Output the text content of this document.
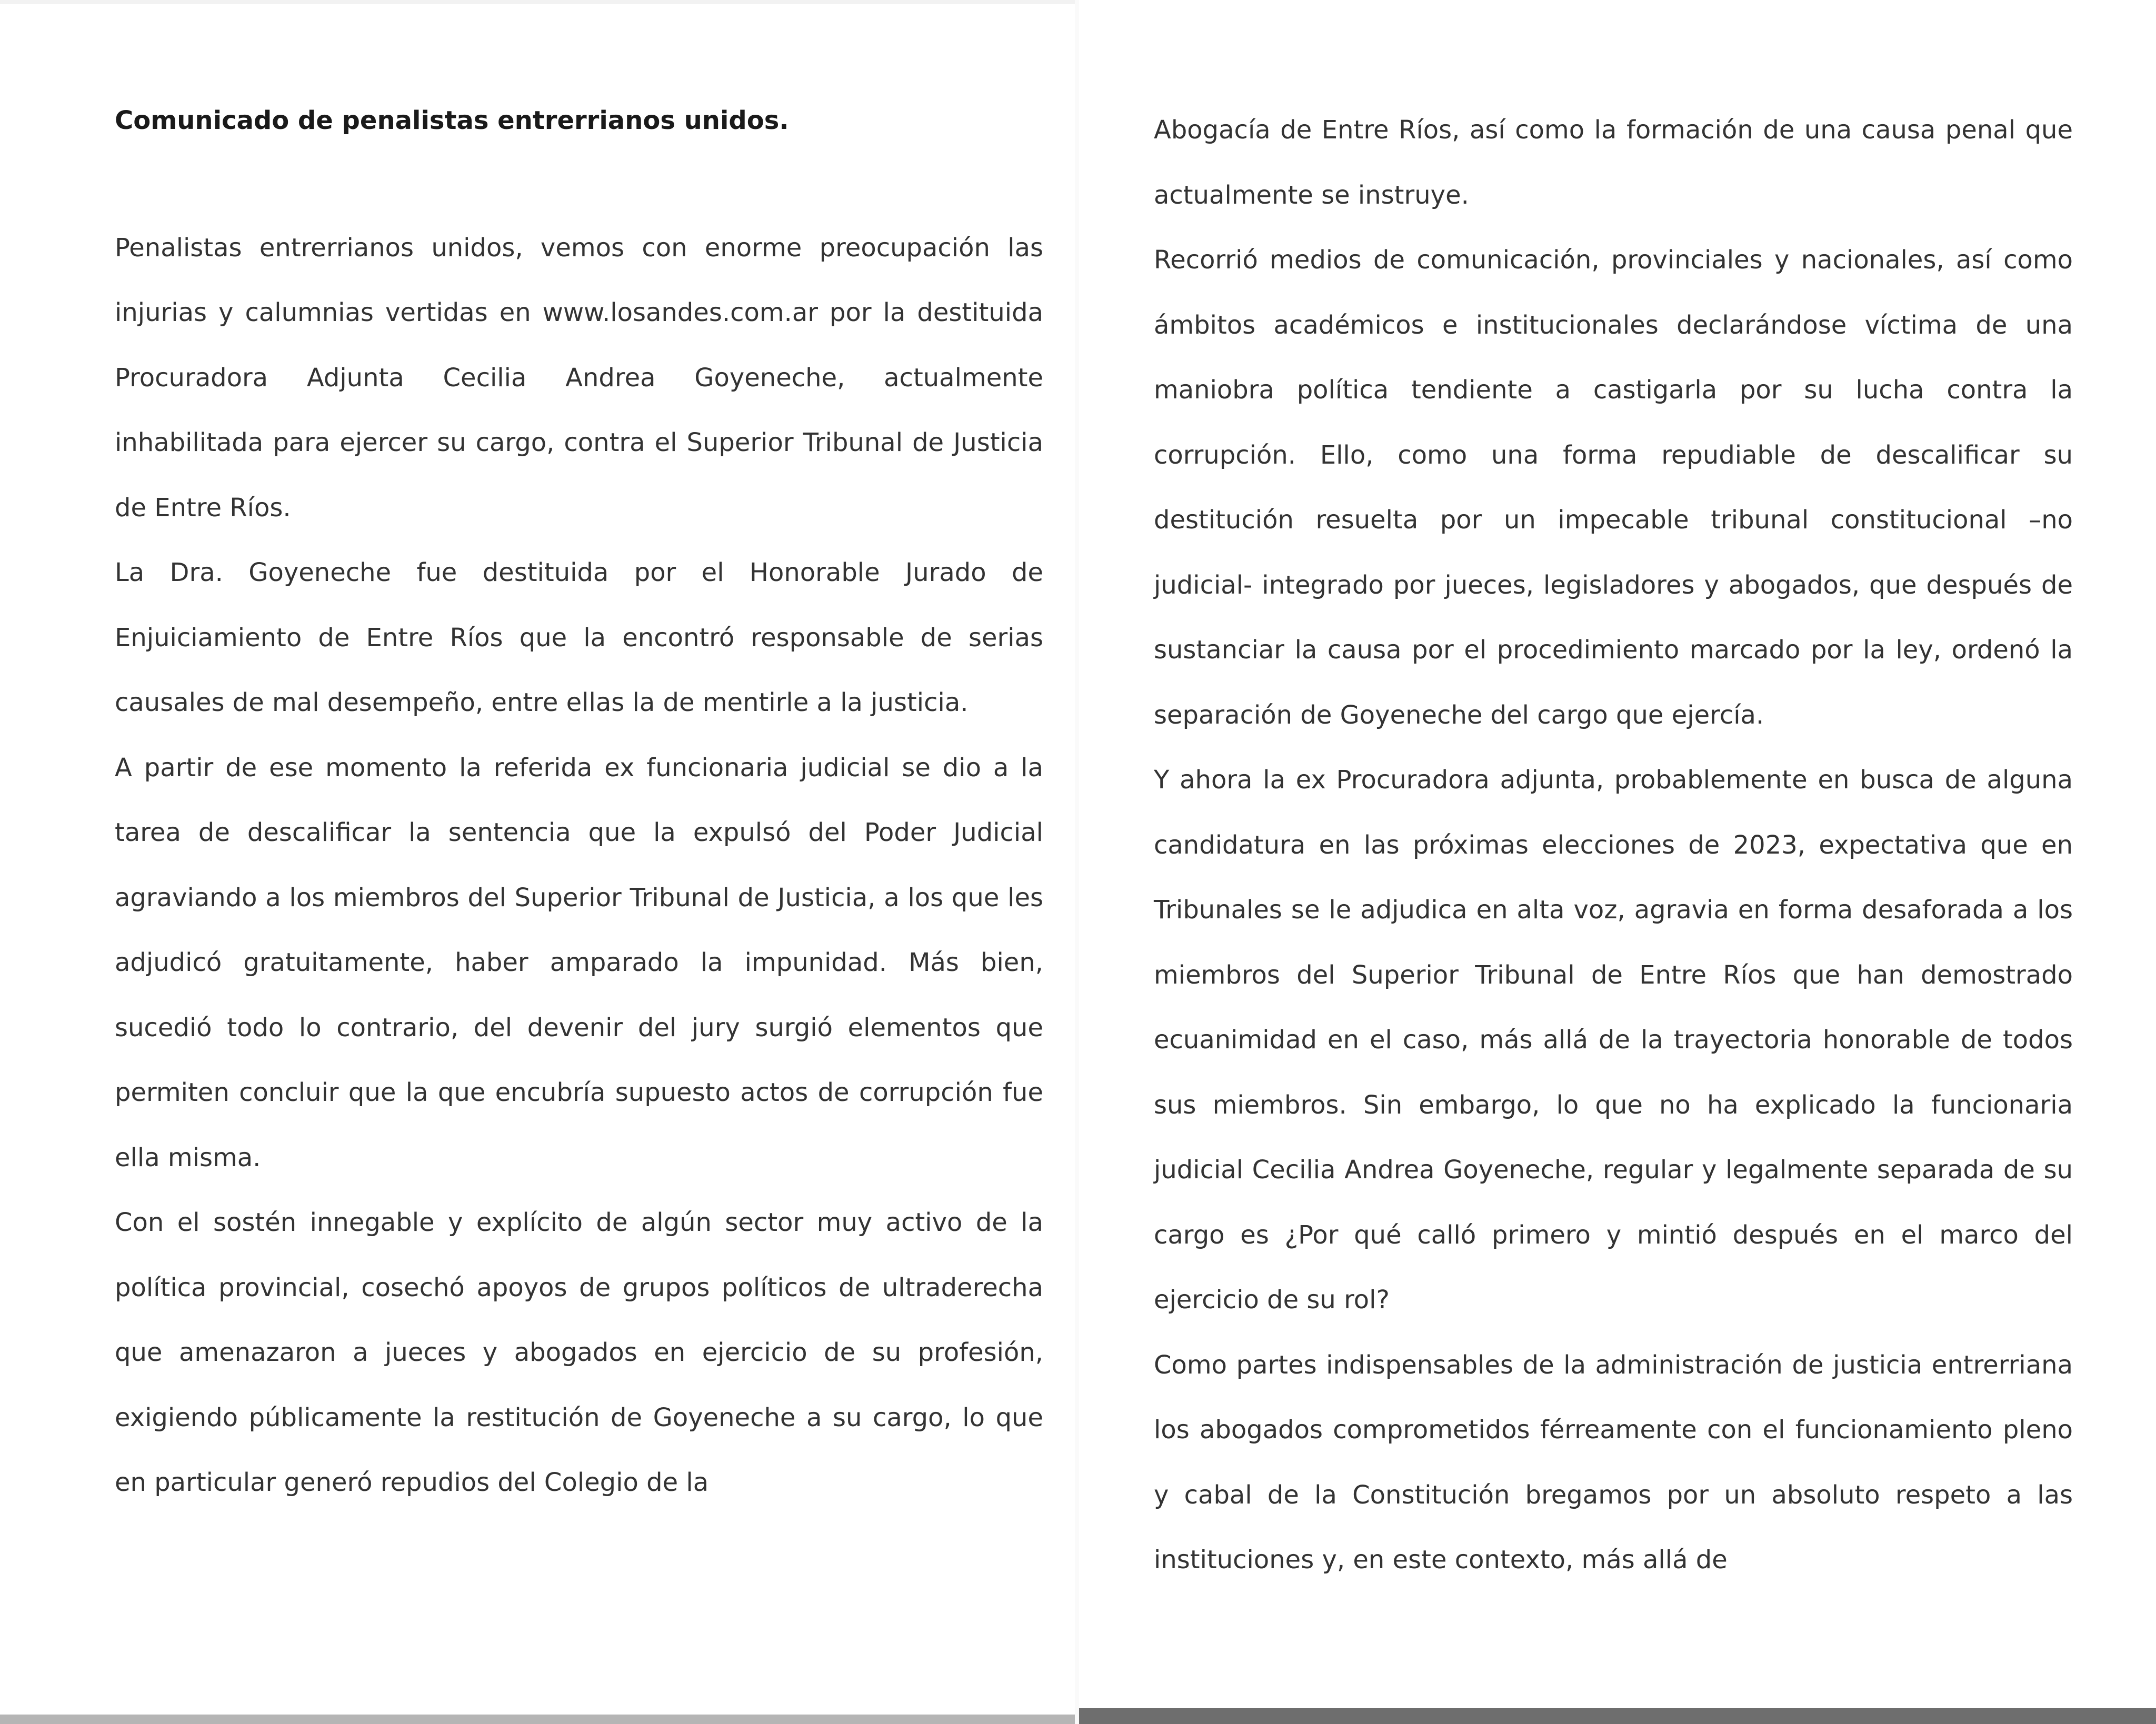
Comunicado de penalistas entrerrianos unidos.

Penalistas entrerrianos unidos, vemos con enorme preocupación las injurias y calumnias vertidas en www.losandes.com.ar por la destituida Procuradora Adjunta Cecilia Andrea Goyeneche, actualmente inhabilitada para ejercer su cargo, contra el Superior Tribunal de Justicia de Entre Ríos.

La Dra. Goyeneche fue destituida por el Honorable Jurado de Enjuiciamiento de Entre Ríos que la encontró responsable de serias causales de mal desempeño, entre ellas la de mentirle a la justicia.

A partir de ese momento la referida ex funcionaria judicial se dio a la tarea de descalificar la sentencia que la expulsó del Poder Judicial agraviando a los miembros del Superior Tribunal de Justicia, a los que les adjudicó gratuitamente, haber amparado la impunidad. Más bien, sucedió todo lo contrario, del devenir del jury surgió elementos que permiten concluir que la que encubría supuesto actos de corrupción fue ella misma.

Con el sostén innegable y explícito de algún sector muy activo de la política provincial, cosechó apoyos de grupos políticos de ultraderecha que amenazaron a jueces y abogados en ejercicio de su profesión, exigiendo públicamente la restitución de Goyeneche a su cargo, lo que en particular generó repudios del Colegio de la

Abogacía de Entre Ríos, así como la formación de una causa penal que actualmente se instruye.

Recorrió medios de comunicación, provinciales y nacionales, así como ámbitos académicos e institucionales declarándose víctima de una maniobra política tendiente a castigarla por su lucha contra la corrupción. Ello, como una forma repudiable de descalificar su destitución resuelta por un impecable tribunal constitucional –no judicial- integrado por jueces, legisladores y abogados, que después de sustanciar la causa por el procedimiento marcado por la ley, ordenó la separación de Goyeneche del cargo que ejercía.

Y ahora la ex Procuradora adjunta, probablemente en busca de alguna candidatura en las próximas elecciones de 2023, expectativa que en Tribunales se le adjudica en alta voz, agravia en forma desaforada a los miembros del Superior Tribunal de Entre Ríos que han demostrado ecuanimidad en el caso, más allá de la trayectoria honorable de todos sus miembros. Sin embargo, lo que no ha explicado la funcionaria judicial Cecilia Andrea Goyeneche, regular y legalmente separada de su cargo es ¿Por qué calló primero y mintió después en el marco del ejercicio de su rol?

Como partes indispensables de la administración de justicia entrerriana los abogados comprometidos férreamente con el funcionamiento pleno y cabal de la Constitución bregamos por un absoluto respeto a las instituciones y, en este contexto, más allá de
